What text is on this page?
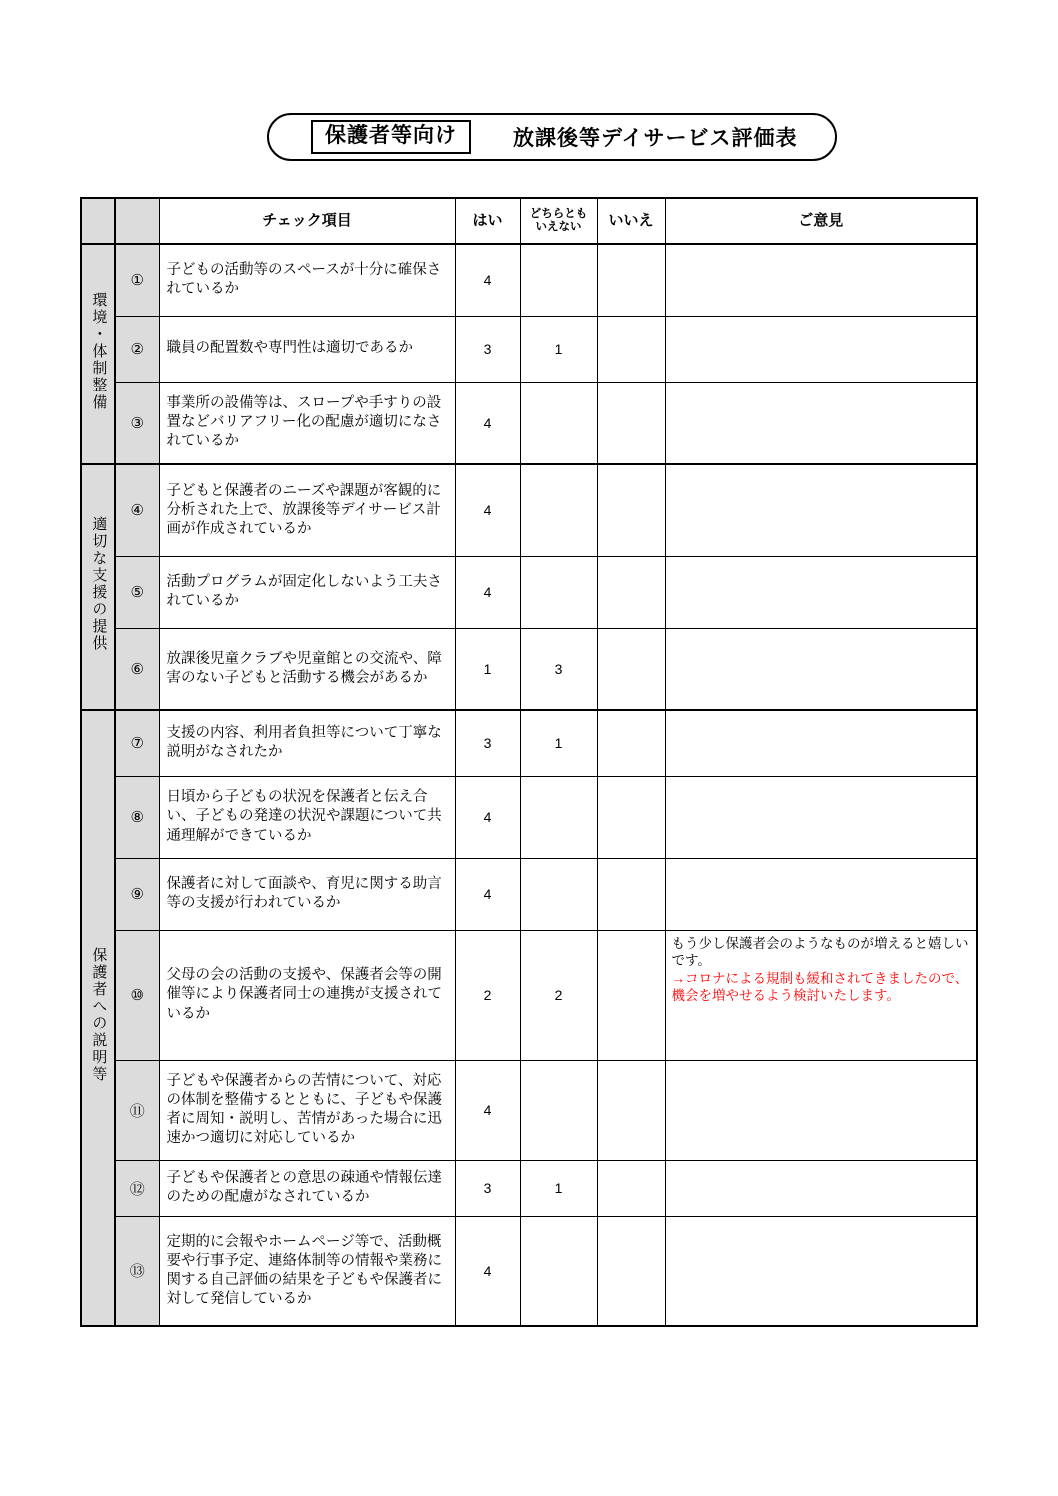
保護者等向け	放課後等デイサービス評価表
		チェック項目	はい	どちらとも
いえない	いいえ	ご意見
環境・体制整備	①	子どもの活動等のスペースが十分に確保されているか	4			
	②	職員の配置数や専門性は適切であるか	3	1		
	③	事業所の設備等は、スロープや手すりの設置などバリアフリー化の配慮が適切になされているか	4			
適切な支援の提供	④	子どもと保護者のニーズや課題が客観的に分析された上で、放課後等デイサービス計画が作成されているか	4			
	⑤	活動プログラムが固定化しないよう工夫されているか	4			
	⑥	放課後児童クラブや児童館との交流や、障害のない子どもと活動する機会があるか	1	3		
保護者への説明等	⑦	支援の内容、利用者負担等について丁寧な説明がなされたか	3	1		
	⑧	日頃から子どもの状況を保護者と伝え合い、子どもの発達の状況や課題について共通理解ができているか	4			
	⑨	保護者に対して面談や、育児に関する助言等の支援が行われているか	4			
	⑩	父母の会の活動の支援や、保護者会等の開催等により保護者同士の連携が支援されているか	2	2		もう少し保護者会のようなものが増えると嬉しいです。
→コロナによる規制も緩和されてきましたので、機会を増やせるよう検討いたします。

	⑪	子どもや保護者からの苦情について、対応の体制を整備するとともに、子どもや保護者に周知・説明し、苦情があった場合に迅速かつ適切に対応しているか	4			
	⑫	子どもや保護者との意思の疎通や情報伝達のための配慮がなされているか	3	1		
	⑬	定期的に会報やホームページ等で、活動概要や行事予定、連絡体制等の情報や業務に関する自己評価の結果を子どもや保護者に対して発信しているか	4			
